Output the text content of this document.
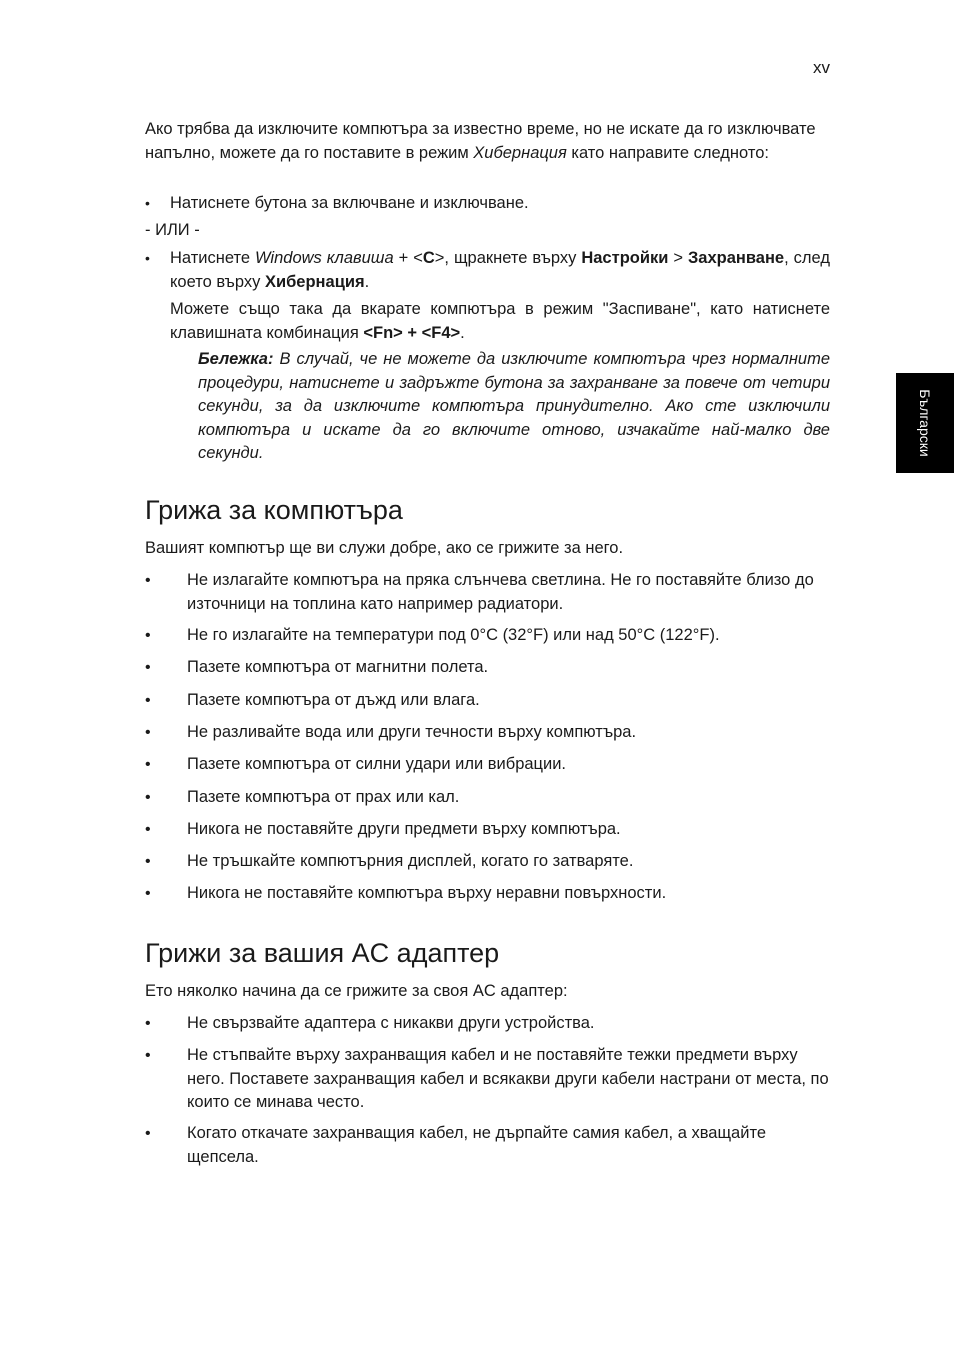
xv
Български

Ако трябва да изключите компютъра за известно време, но не искате да го изключвате напълно, можете да го поставите в режим Хибернация като направите следното:

• Натиснете бутона за включване и изключване.
- ИЛИ -
• Натиснете Windows клавиша + <C>, щракнете върху Настройки > Захранване, след което върху Хибернация.

Можете също така да вкарате компютъра в режим "Заспиване", като натиснете клавишната комбинация <Fn> + <F4>.

Бележка: В случай, че не можете да изключите компютъра чрез нормалните процедури, натиснете и задръжте бутона за захранване за повече от четири секунди, за да изключите компютъра принудително. Ако сте изключили компютъра и искате да го включите отново, изчакайте най-малко две секунди.

Грижа за компютъра
Вашият компютър ще ви служи добре, ако се грижите за него.
• Не излагайте компютъра на пряка слънчева светлина. Не го поставяйте близо до източници на топлина като например радиатори.
• Не го излагайте на температури под 0°C (32°F) или над 50°C (122°F).
• Пазете компютъра от магнитни полета.
• Пазете компютъра от дъжд или влага.
• Не разливайте вода или други течности върху компютъра.
• Пазете компютъра от силни удари или вибрации.
• Пазете компютъра от прах или кал.
• Никога не поставяйте други предмети върху компютъра.
• Не тръшкайте компютърния дисплей, когато го затваряте.
• Никога не поставяйте компютъра върху неравни повърхности.
Грижи за вашия AC адаптер
Ето няколко начина да се грижите за своя AC адаптер:
• Не свързвайте адаптера с никакви други устройства.
• Не стъпвайте върху захранващия кабел и не поставяйте тежки предмети върху него. Поставете захранващия кабел и всякакви други кабели настрани от места, по които се минава често.
• Когато откачате захранващия кабел, не дърпайте самия кабел, а хващайте щепсела.
